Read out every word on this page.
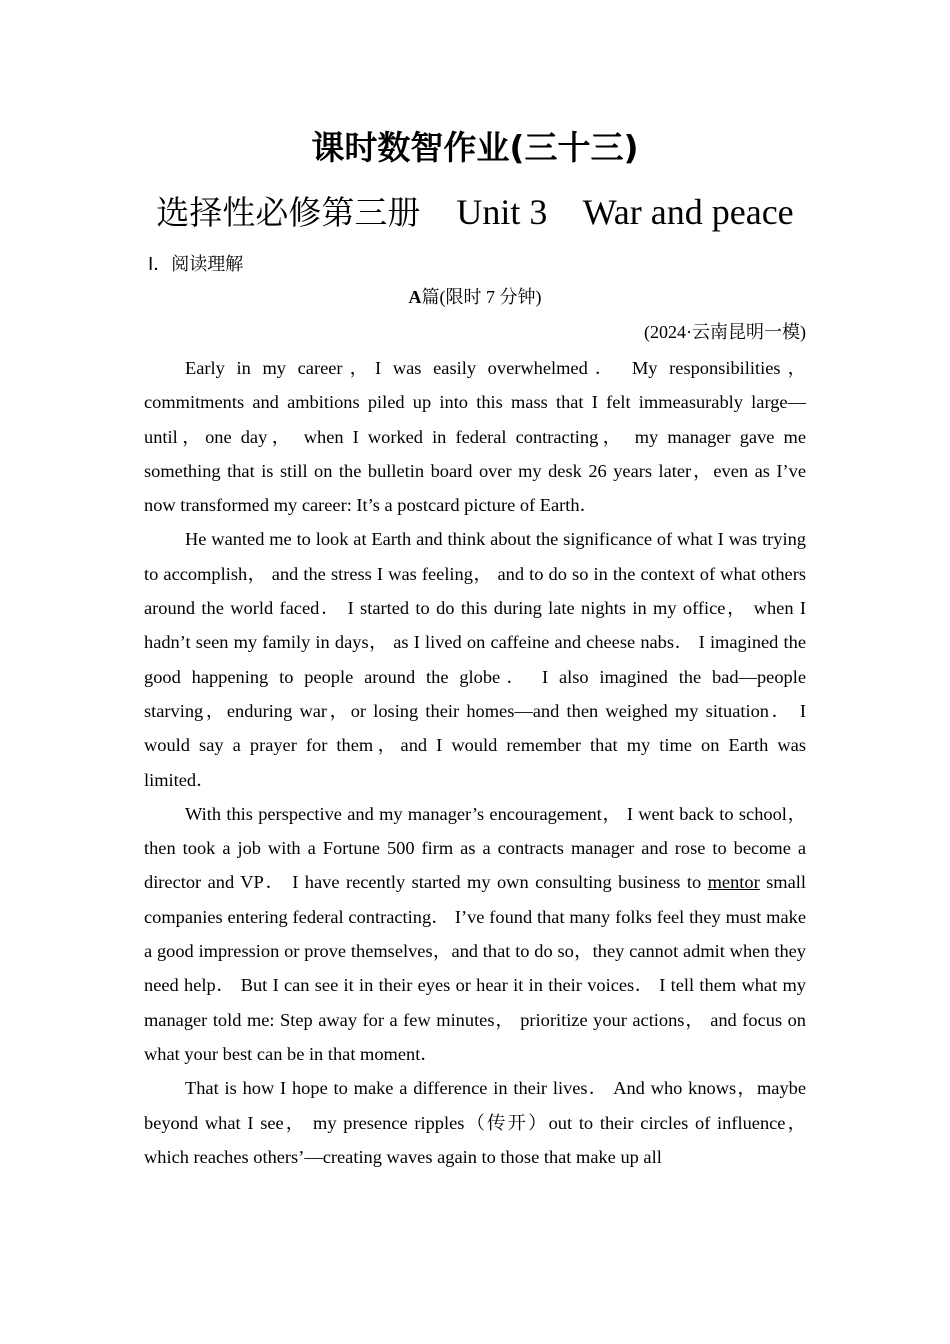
课时数智作业(三十三)
选择性必修第三册 Unit 3 War and peace
Ⅰ．阅读理解
A篇(限时 7 分钟)
(2024·云南昆明一模)

Early in my career，I was easily overwhelmed． My responsibilities， commitments and ambitions piled up into this mass that I felt immeasurably large—until，one day， when I worked in federal contracting， my manager gave me something that is still on the bulletin board over my desk 26 years later，even as I’ve now transformed my career: It’s a postcard picture of Earth．

He wanted me to look at Earth and think about the significance of what I was trying to accomplish， and the stress I was feeling， and to do so in the context of what others around the world faced． I started to do this during late nights in my office， when I hadn’t seen my family in days， as I lived on caffeine and cheese nabs． I imagined the good happening to people around the globe． I also imagined the bad—people starving，enduring war，or losing their homes—and then weighed my situation． I would say a prayer for them，and I would remember that my time on Earth was limited．

With this perspective and my manager’s encouragement， I went back to school，then took a job with a Fortune 500 firm as a contracts manager and rose to become a director and VP． I have recently started my own consulting business to mentor small companies entering federal contracting． I’ve found that many folks feel they must make a good impression or prove themselves，and that to do so，they cannot admit when they need help． But I can see it in their eyes or hear it in their voices． I tell them what my manager told me: Step away for a few minutes， prioritize your actions， and focus on what your best can be in that moment．

That is how I hope to make a difference in their lives． And who knows，maybe beyond what I see， my presence ripples（传开）out to their circles of influence， which reaches others’—creating waves again to those that make up all
